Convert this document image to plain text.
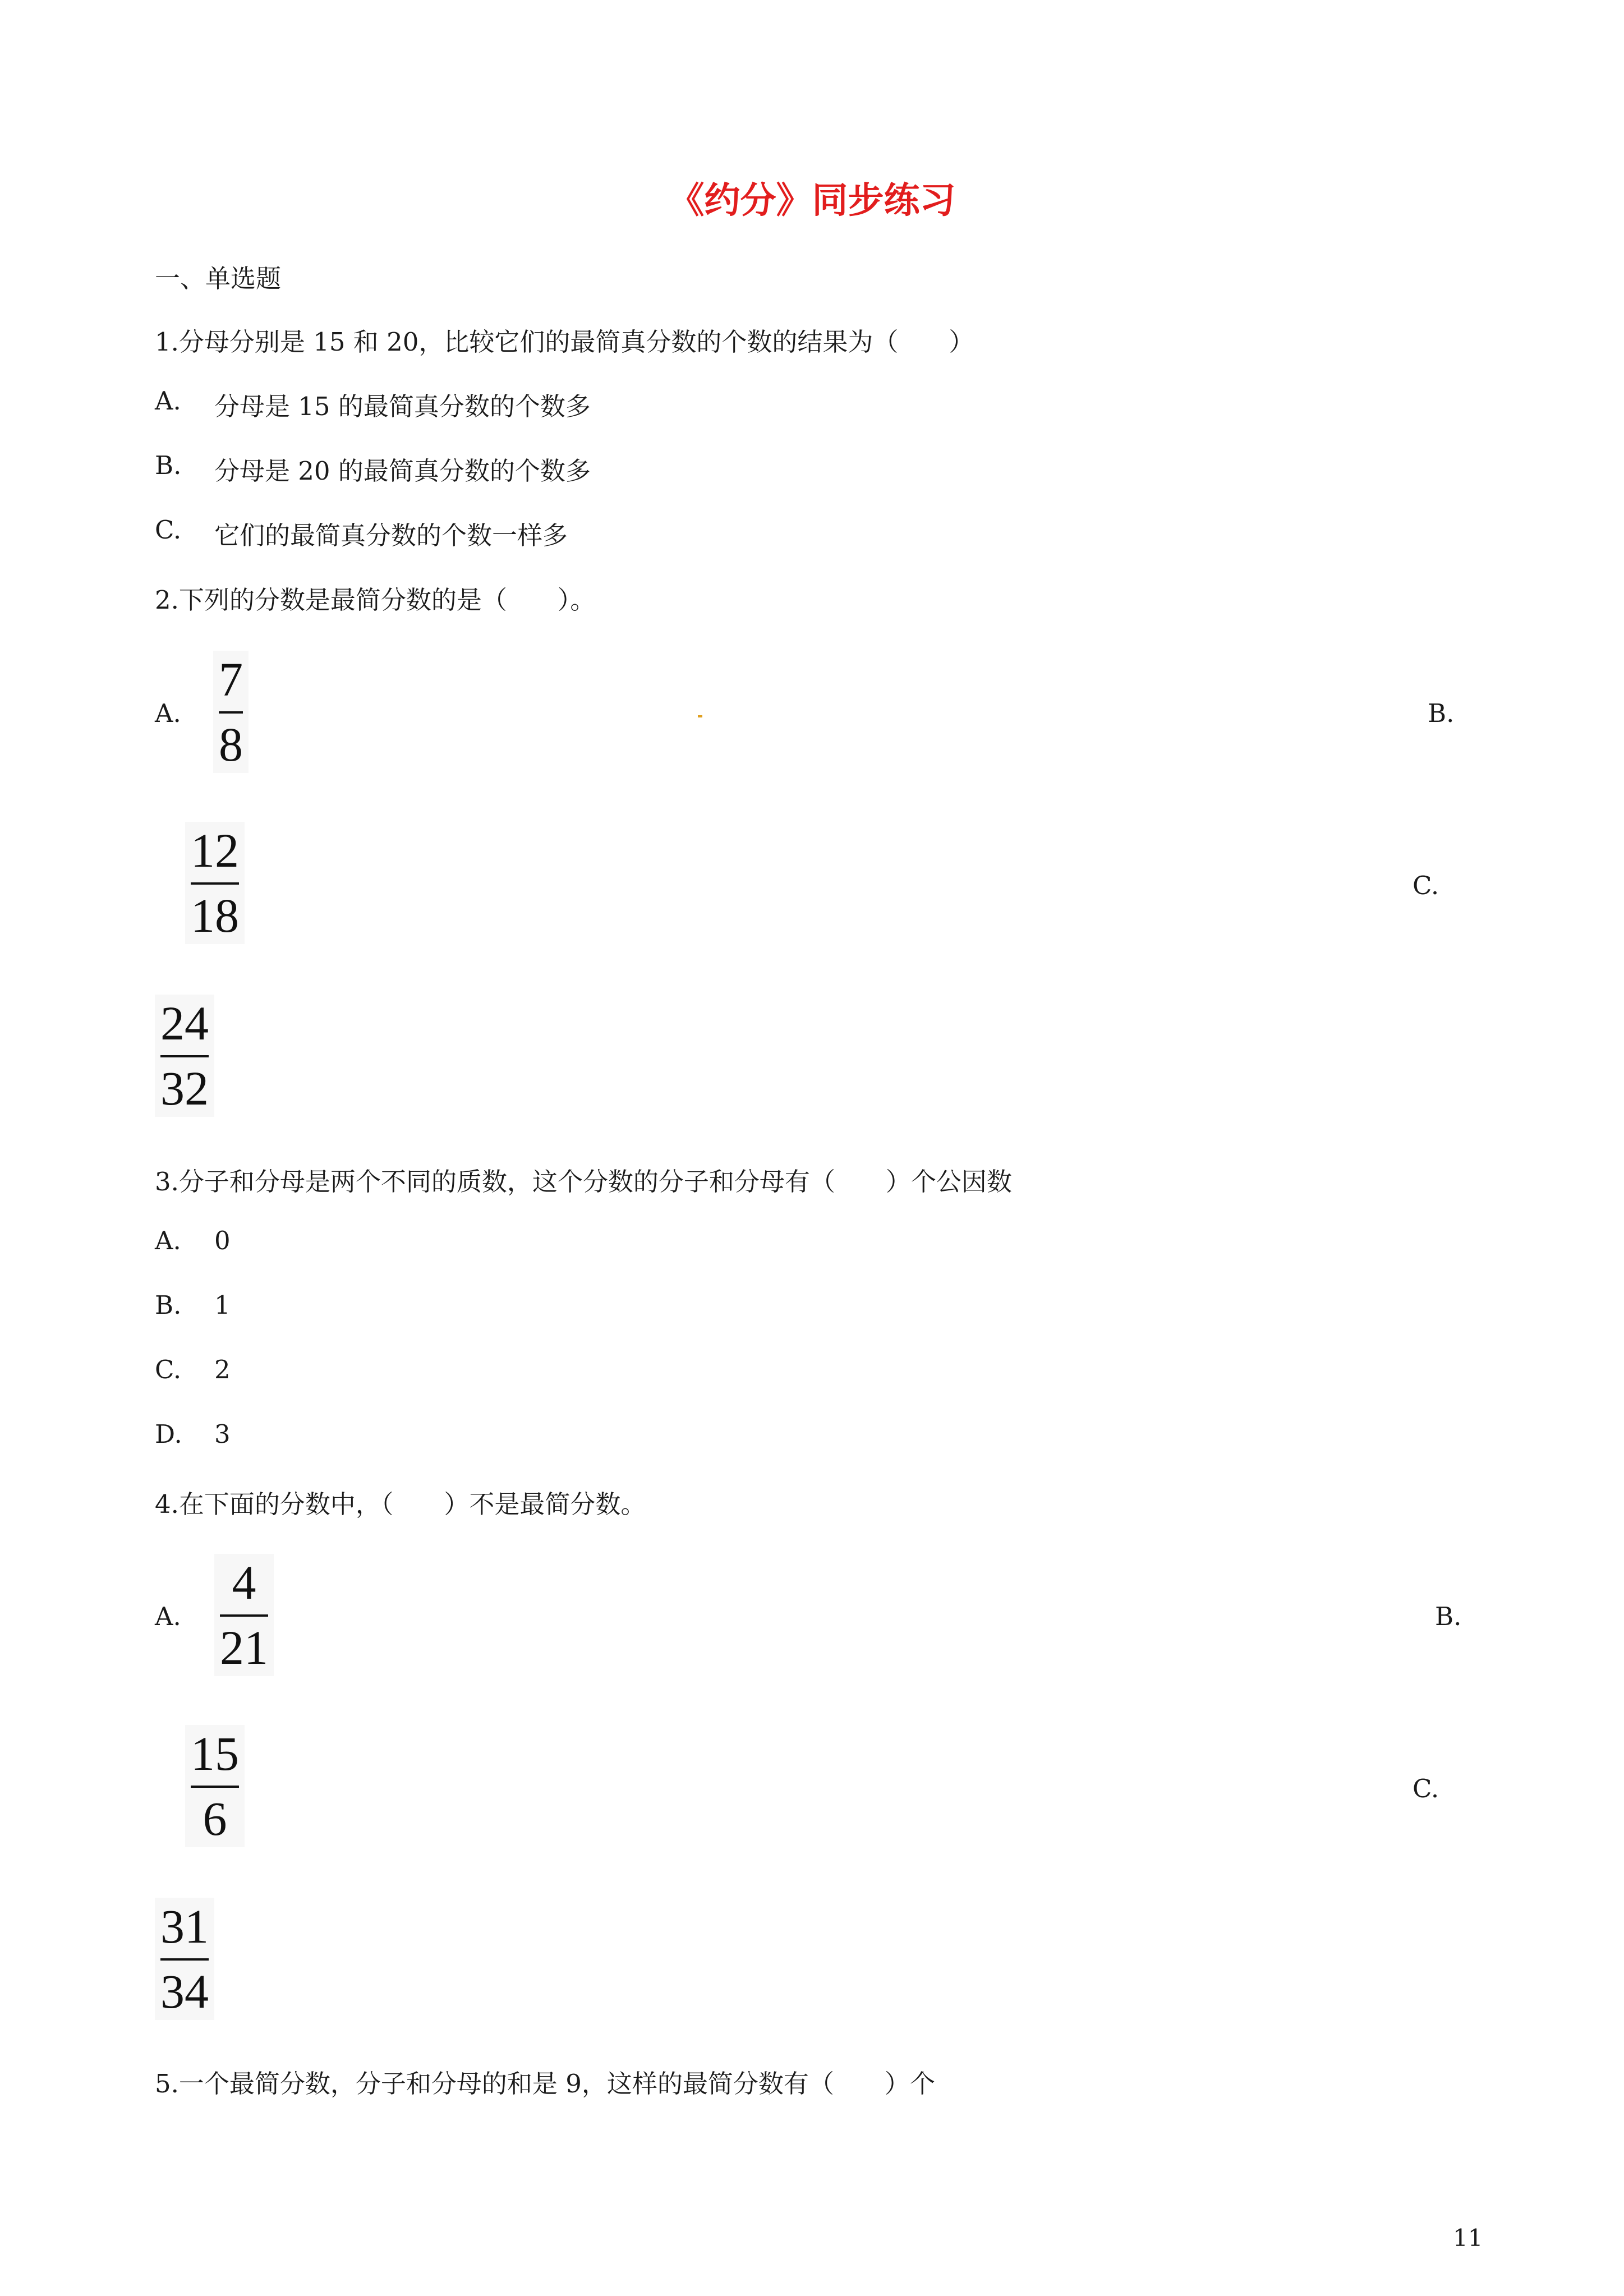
《约分》同步练习
一、单选题
1.分母分别是 15 和 20，比较它们的最简真分数的个数的结果为（　　）
A. 分母是 15 的最简真分数的个数多
B. 分母是 20 的最简真分数的个数多
C. 它们的最简真分数的个数一样多
2.下列的分数是最简分数的是（　　）。
A.
7
8
B.
12
18
C.
24
32
3.分子和分母是两个不同的质数，这个分数的分子和分母有（　　）个公因数
A. 0
B. 1
C. 2
D. 3
4.在下面的分数中，（　　）不是最简分数。
A.
4
21
B.
15
6
C.
31
34
5.一个最简分数，分子和分母的和是 9，这样的最简分数有（　　）个
11
